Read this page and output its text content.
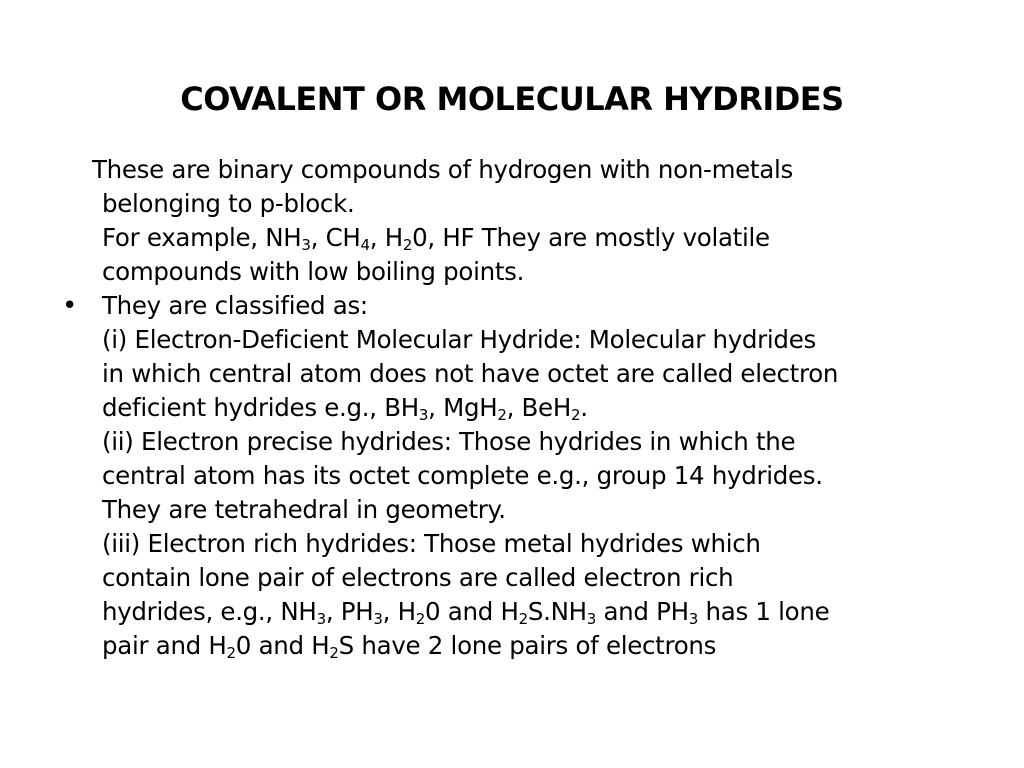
COVALENT OR MOLECULAR HYDRIDES
These are binary compounds of hydrogen with non-metals
belonging to p-block.
For example, $NH_3$, $CH_4$, $H_20$, HF They are mostly volatile
compounds with low boiling points.
• They are classified as:
(i) Electron-Deficient Molecular Hydride: Molecular hydrides
in which central atom does not have octet are called electron
deficient hydrides e.g., $BH_3$, MgH$_2$, BeH$_2$.
(ii) Electron precise hydrides: Those hydrides in which the
central atom has its octet complete e.g., group 14 hydrides.
They are tetrahedral in geometry.
(iii) Electron rich hydrides: Those metal hydrides which
contain lone pair of electrons are called electron rich
hydrides, e.g., $NH_3$, $PH_3$, $H_20$ and $H_2S.NH_3$ and $PH_3$ has 1 lone
pair and $H_20$ and $H_2S$ have 2 lone pairs of electrons
